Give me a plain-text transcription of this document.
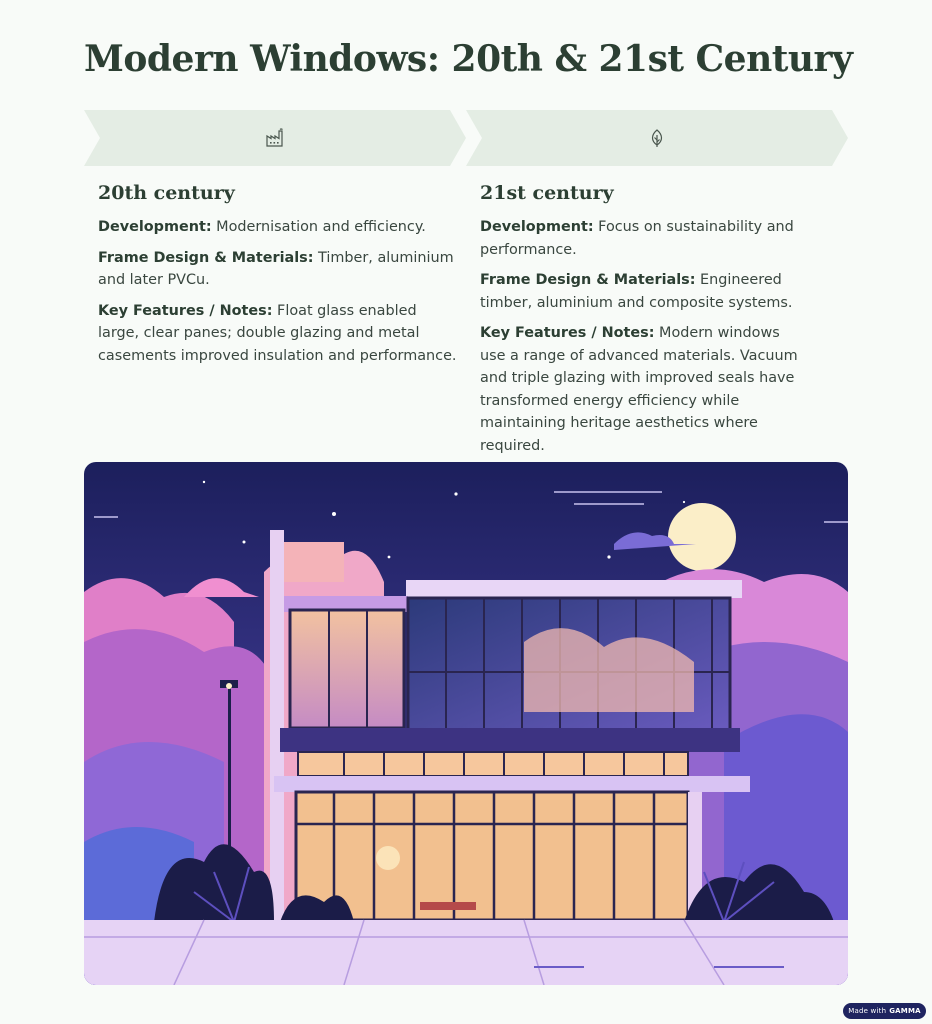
Modern Windows: 20th & 21st Century
20th century

Development: Modernisation and efficiency.

Frame Design & Materials: Timber, aluminium and later PVCu.

Key Features / Notes: Float glass enabled large, clear panes; double glazing and metal casements improved insulation and performance.

21st century

Development: Focus on sustainability and performance.

Frame Design & Materials: Engineered timber, aluminium and composite systems.

Key Features / Notes: Modern windows use a range of advanced materials. Vacuum and triple glazing with improved seals have transformed energy efficiency while maintaining heritage aesthetics where required.

Made with GAMMA
